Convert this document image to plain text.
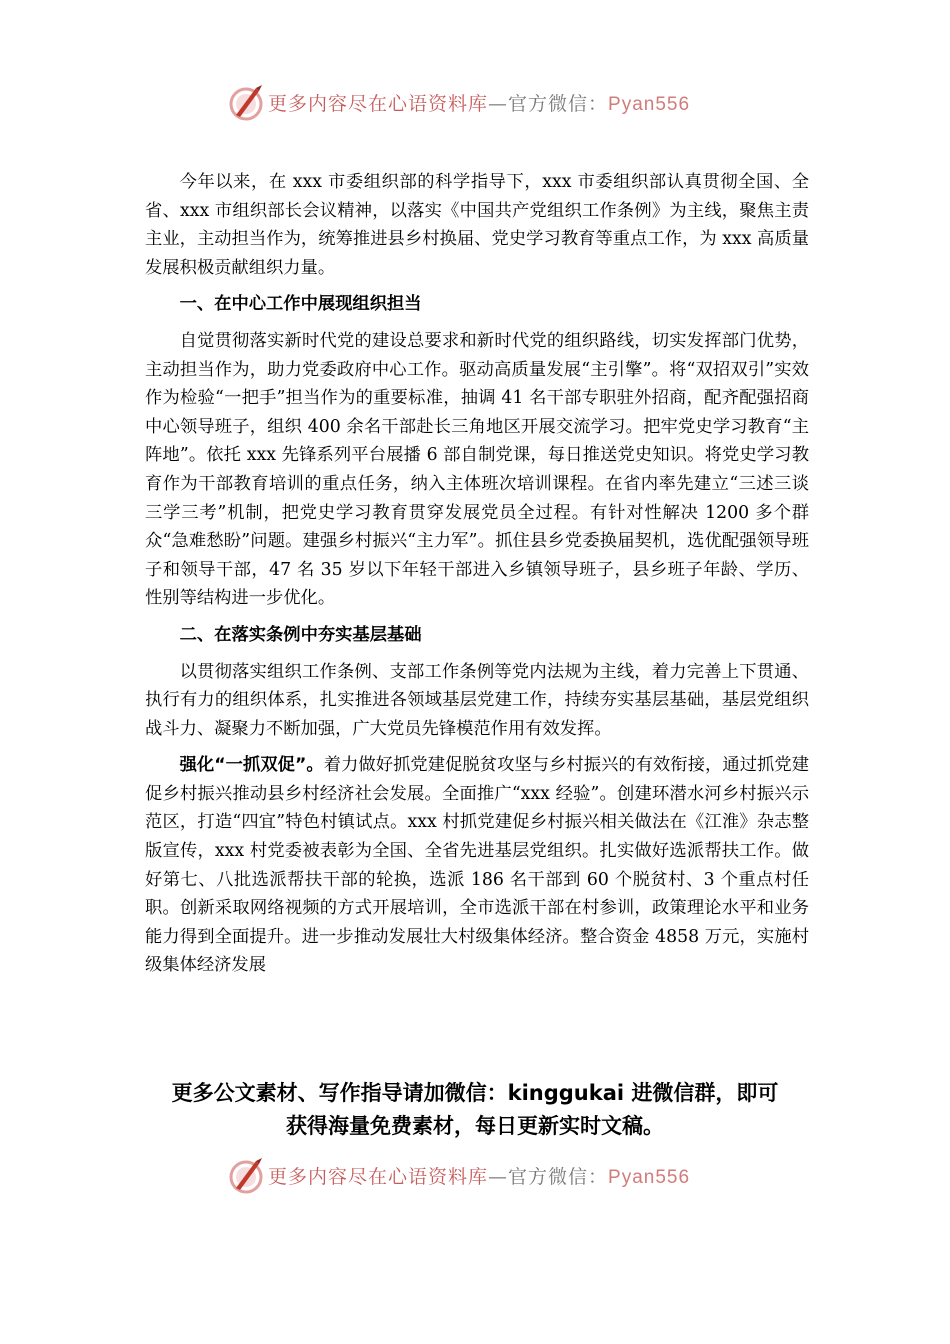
更多内容尽在心语资料库—官方微信：Pyan556

今年以来，在 xxx 市委组织部的科学指导下，xxx 市委组织部认真贯彻全国、全省、xxx 市组织部长会议精神，以落实《中国共产党组织工作条例》为主线，聚焦主责主业，主动担当作为，统筹推进县乡村换届、党史学习教育等重点工作，为 xxx 高质量发展积极贡献组织力量。

一、在中心工作中展现组织担当

自觉贯彻落实新时代党的建设总要求和新时代党的组织路线，切实发挥部门优势，主动担当作为，助力党委政府中心工作。驱动高质量发展“主引擎”。将“双招双引”实效作为检验“一把手”担当作为的重要标准，抽调 41 名干部专职驻外招商，配齐配强招商中心领导班子，组织 400 余名干部赴长三角地区开展交流学习。把牢党史学习教育“主阵地”。依托 xxx 先锋系列平台展播 6 部自制党课，每日推送党史知识。将党史学习教育作为干部教育培训的重点任务，纳入主体班次培训课程。在省内率先建立“三述三谈三学三考”机制，把党史学习教育贯穿发展党员全过程。有针对性解决 1200 多个群众“急难愁盼”问题。建强乡村振兴“主力军”。抓住县乡党委换届契机，选优配强领导班子和领导干部，47 名 35 岁以下年轻干部进入乡镇领导班子，县乡班子年龄、学历、性别等结构进一步优化。

二、在落实条例中夯实基层基础

以贯彻落实组织工作条例、支部工作条例等党内法规为主线，着力完善上下贯通、执行有力的组织体系，扎实推进各领域基层党建工作，持续夯实基层基础，基层党组织战斗力、凝聚力不断加强，广大党员先锋模范作用有效发挥。

强化“一抓双促”。着力做好抓党建促脱贫攻坚与乡村振兴的有效衔接，通过抓党建促乡村振兴推动县乡村经济社会发展。全面推广“xxx 经验”。创建环潜水河乡村振兴示范区，打造“四宜”特色村镇试点。xxx 村抓党建促乡村振兴相关做法在《江淮》杂志整版宣传，xxx 村党委被表彰为全国、全省先进基层党组织。扎实做好选派帮扶工作。做好第七、八批选派帮扶干部的轮换，选派 186 名干部到 60 个脱贫村、3 个重点村任职。创新采取网络视频的方式开展培训，全市选派干部在村参训，政策理论水平和业务能力得到全面提升。进一步推动发展壮大村级集体经济。整合资金 4858 万元，实施村级集体经济发展

更多公文素材、写作指导请加微信：kinggukai 进微信群，即可
获得海量免费素材，每日更新实时文稿。
更多内容尽在心语资料库—官方微信：Pyan556
